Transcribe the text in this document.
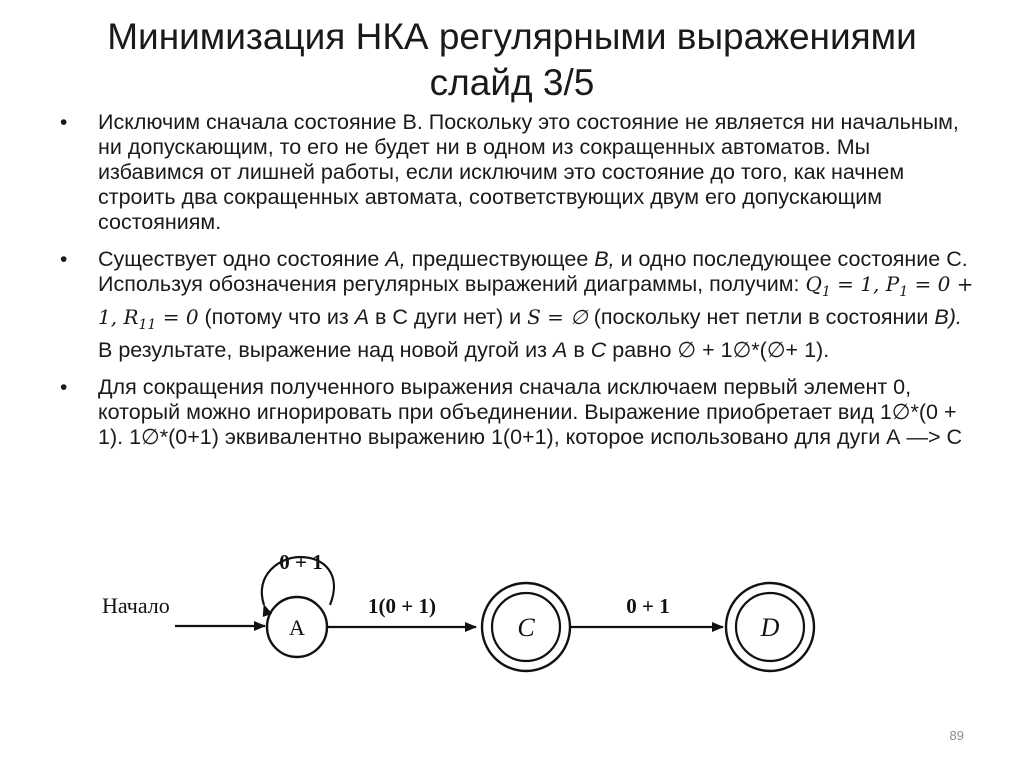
Минимизация НКА регулярными выражениями
слайд 3/5
• Исключим сначала состояние В. Поскольку это состояние не является ни начальным, ни допускающим, то его не будет ни в одном из сокращенных автоматов. Мы избавимся от лишней работы, если исключим это состояние до того, как начнем строить два сокращенных автомата, соответствующих двум его допускающим состояниям.
• Существует одно состояние А, предшествующее В, и одно последующее состояние С. Используя обозначения регулярных выражений диаграммы, получим: $Q_1 = 1$, $P_1 = 0 + 1$, $R_{11} = 0$ (потому что из А в С дуги нет) и S = ∅ (поскольку нет петли в состоянии В). В результате, выражение над новой дугой из А в С равно ∅ + 1∅*(∅+ 1).
• Для сокращения полученного выражения сначала исключаем первый элемент 0, который можно игнорировать при объединении. Выражение приобретает вид 1∅*(0 + 1). 1∅*(0+1) эквивалентно выражению 1(0+1), которое использовано для дуги А —> С
Начало
0 + 1
A
1(0 + 1)
C
0 + 1
D
89
